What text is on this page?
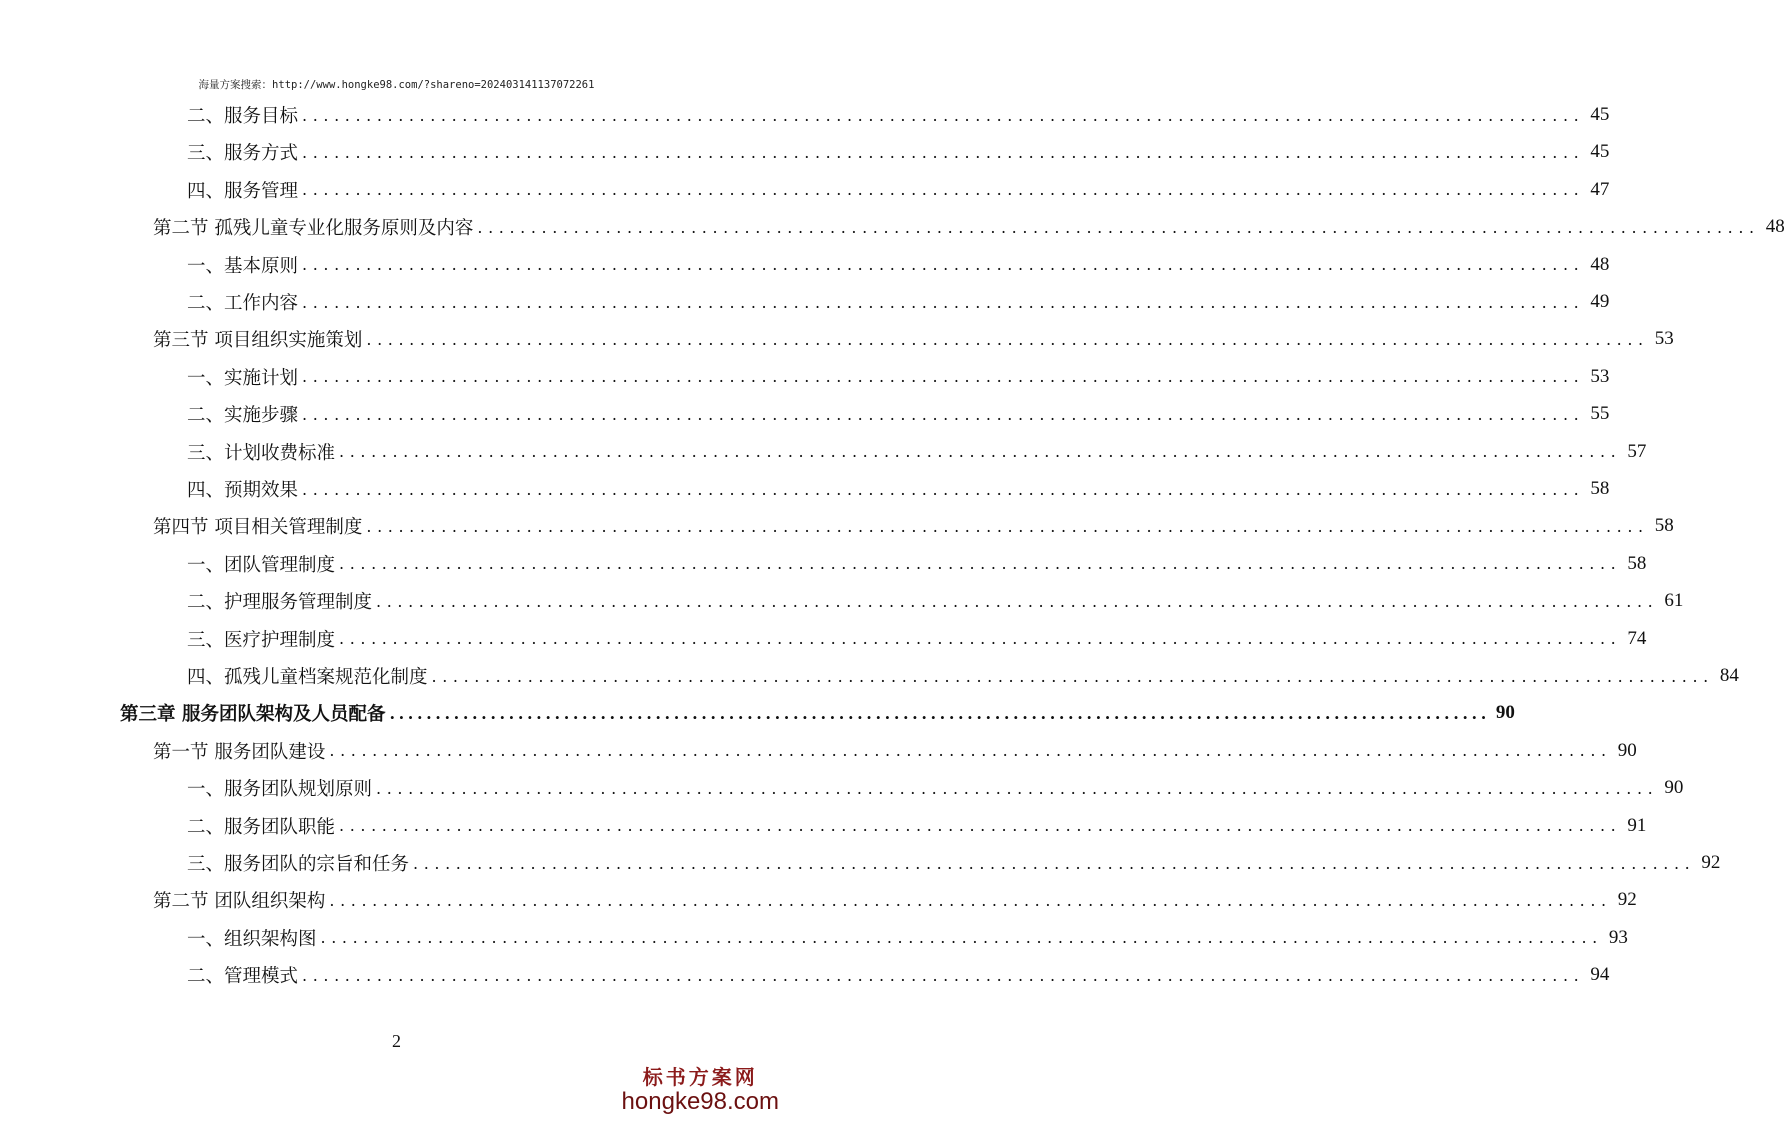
海量方案搜索：http://www.hongke98.com/?shareno=202403141137072261
二、服务目标 ........................................................................................................................ 45
三、服务方式 ........................................................................................................................ 45
四、服务管理 ........................................................................................................................ 47
第二节 孤残儿童专业化服务原则及内容 ........................................................................................................................ 48
一、基本原则 ........................................................................................................................ 48
二、工作内容 ........................................................................................................................ 49
第三节 项目组织实施策划 ........................................................................................................................ 53
一、实施计划 ........................................................................................................................ 53
二、实施步骤 ........................................................................................................................ 55
三、计划收费标准 ........................................................................................................................ 57
四、预期效果 ........................................................................................................................ 58
第四节 项目相关管理制度 ........................................................................................................................ 58
一、团队管理制度 ........................................................................................................................ 58
二、护理服务管理制度 ........................................................................................................................ 61
三、医疗护理制度 ........................................................................................................................ 74
四、孤残儿童档案规范化制度 ........................................................................................................................ 84
第三章 服务团队架构及人员配备 ........................................................................................................................ 90
第一节 服务团队建设 ........................................................................................................................ 90
一、服务团队规划原则 ........................................................................................................................ 90
二、服务团队职能 ........................................................................................................................ 91
三、服务团队的宗旨和任务 ........................................................................................................................ 92
第二节 团队组织架构 ........................................................................................................................ 92
一、组织架构图 ........................................................................................................................ 93
二、管理模式 ........................................................................................................................ 94
2
标书方案网
hongke98.com
